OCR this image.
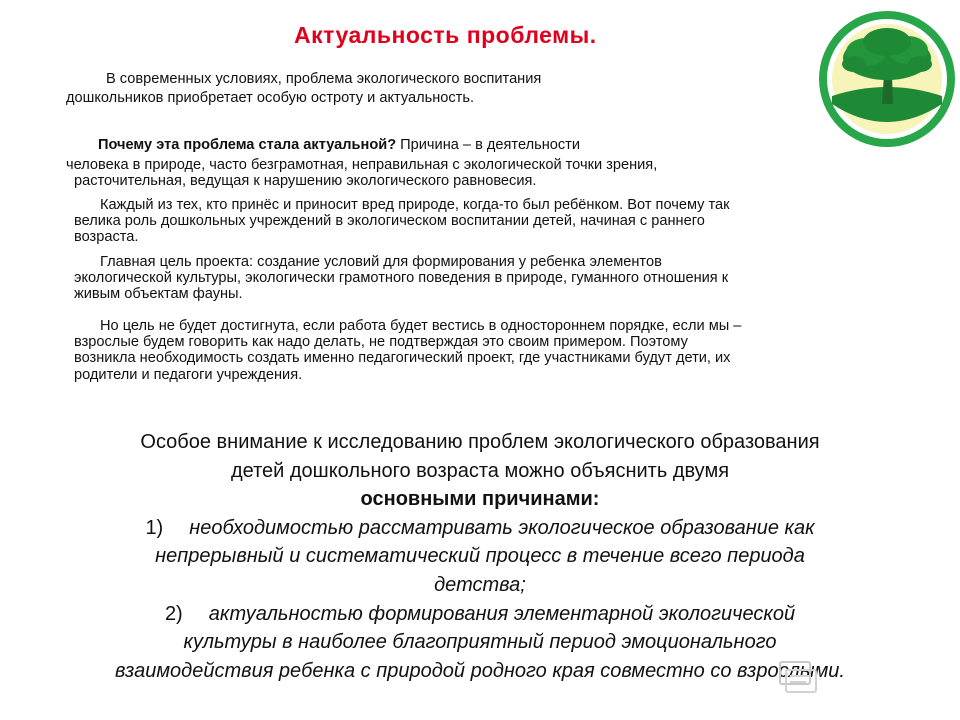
Актуальность проблемы.
В современных условиях, проблема экологического воспитания
дошкольников приобретает особую остроту и актуальность.
Почему эта проблема стала актуальной? Причина – в деятельности
человека в природе, часто безграмотная, неправильная с экологической точки зрения,
расточительная, ведущая к нарушению экологического равновесия.
Каждый из тех, кто принёс и приносит вред природе, когда-то был ребёнком. Вот почему так
велика роль дошкольных учреждений в экологическом воспитании детей, начиная с раннего
возраста.
Главная цель проекта: создание условий для формирования у ребенка элементов
экологической культуры, экологически грамотного поведения в природе, гуманного отношения к
живым объектам фауны.
Но цель не будет достигнута, если работа будет вестись в одностороннем порядке, если мы –
взрослые будем говорить как надо делать, не подтверждая это своим примером. Поэтому
возникла необходимость создать именно педагогический проект, где участниками будут дети, их
родители и педагоги учреждения.
Особое внимание к исследованию проблем экологического образования
детей дошкольного возраста можно объяснить двумя
основными причинами:
1) необходимостью рассматривать экологическое образование как
непрерывный и систематический процесс в течение всего периода
детства;
2) актуальностью формирования элементарной экологической
культуры в наиболее благоприятный период эмоционального
взаимодействия ребенка с природой родного края совместно со взрослыми.
